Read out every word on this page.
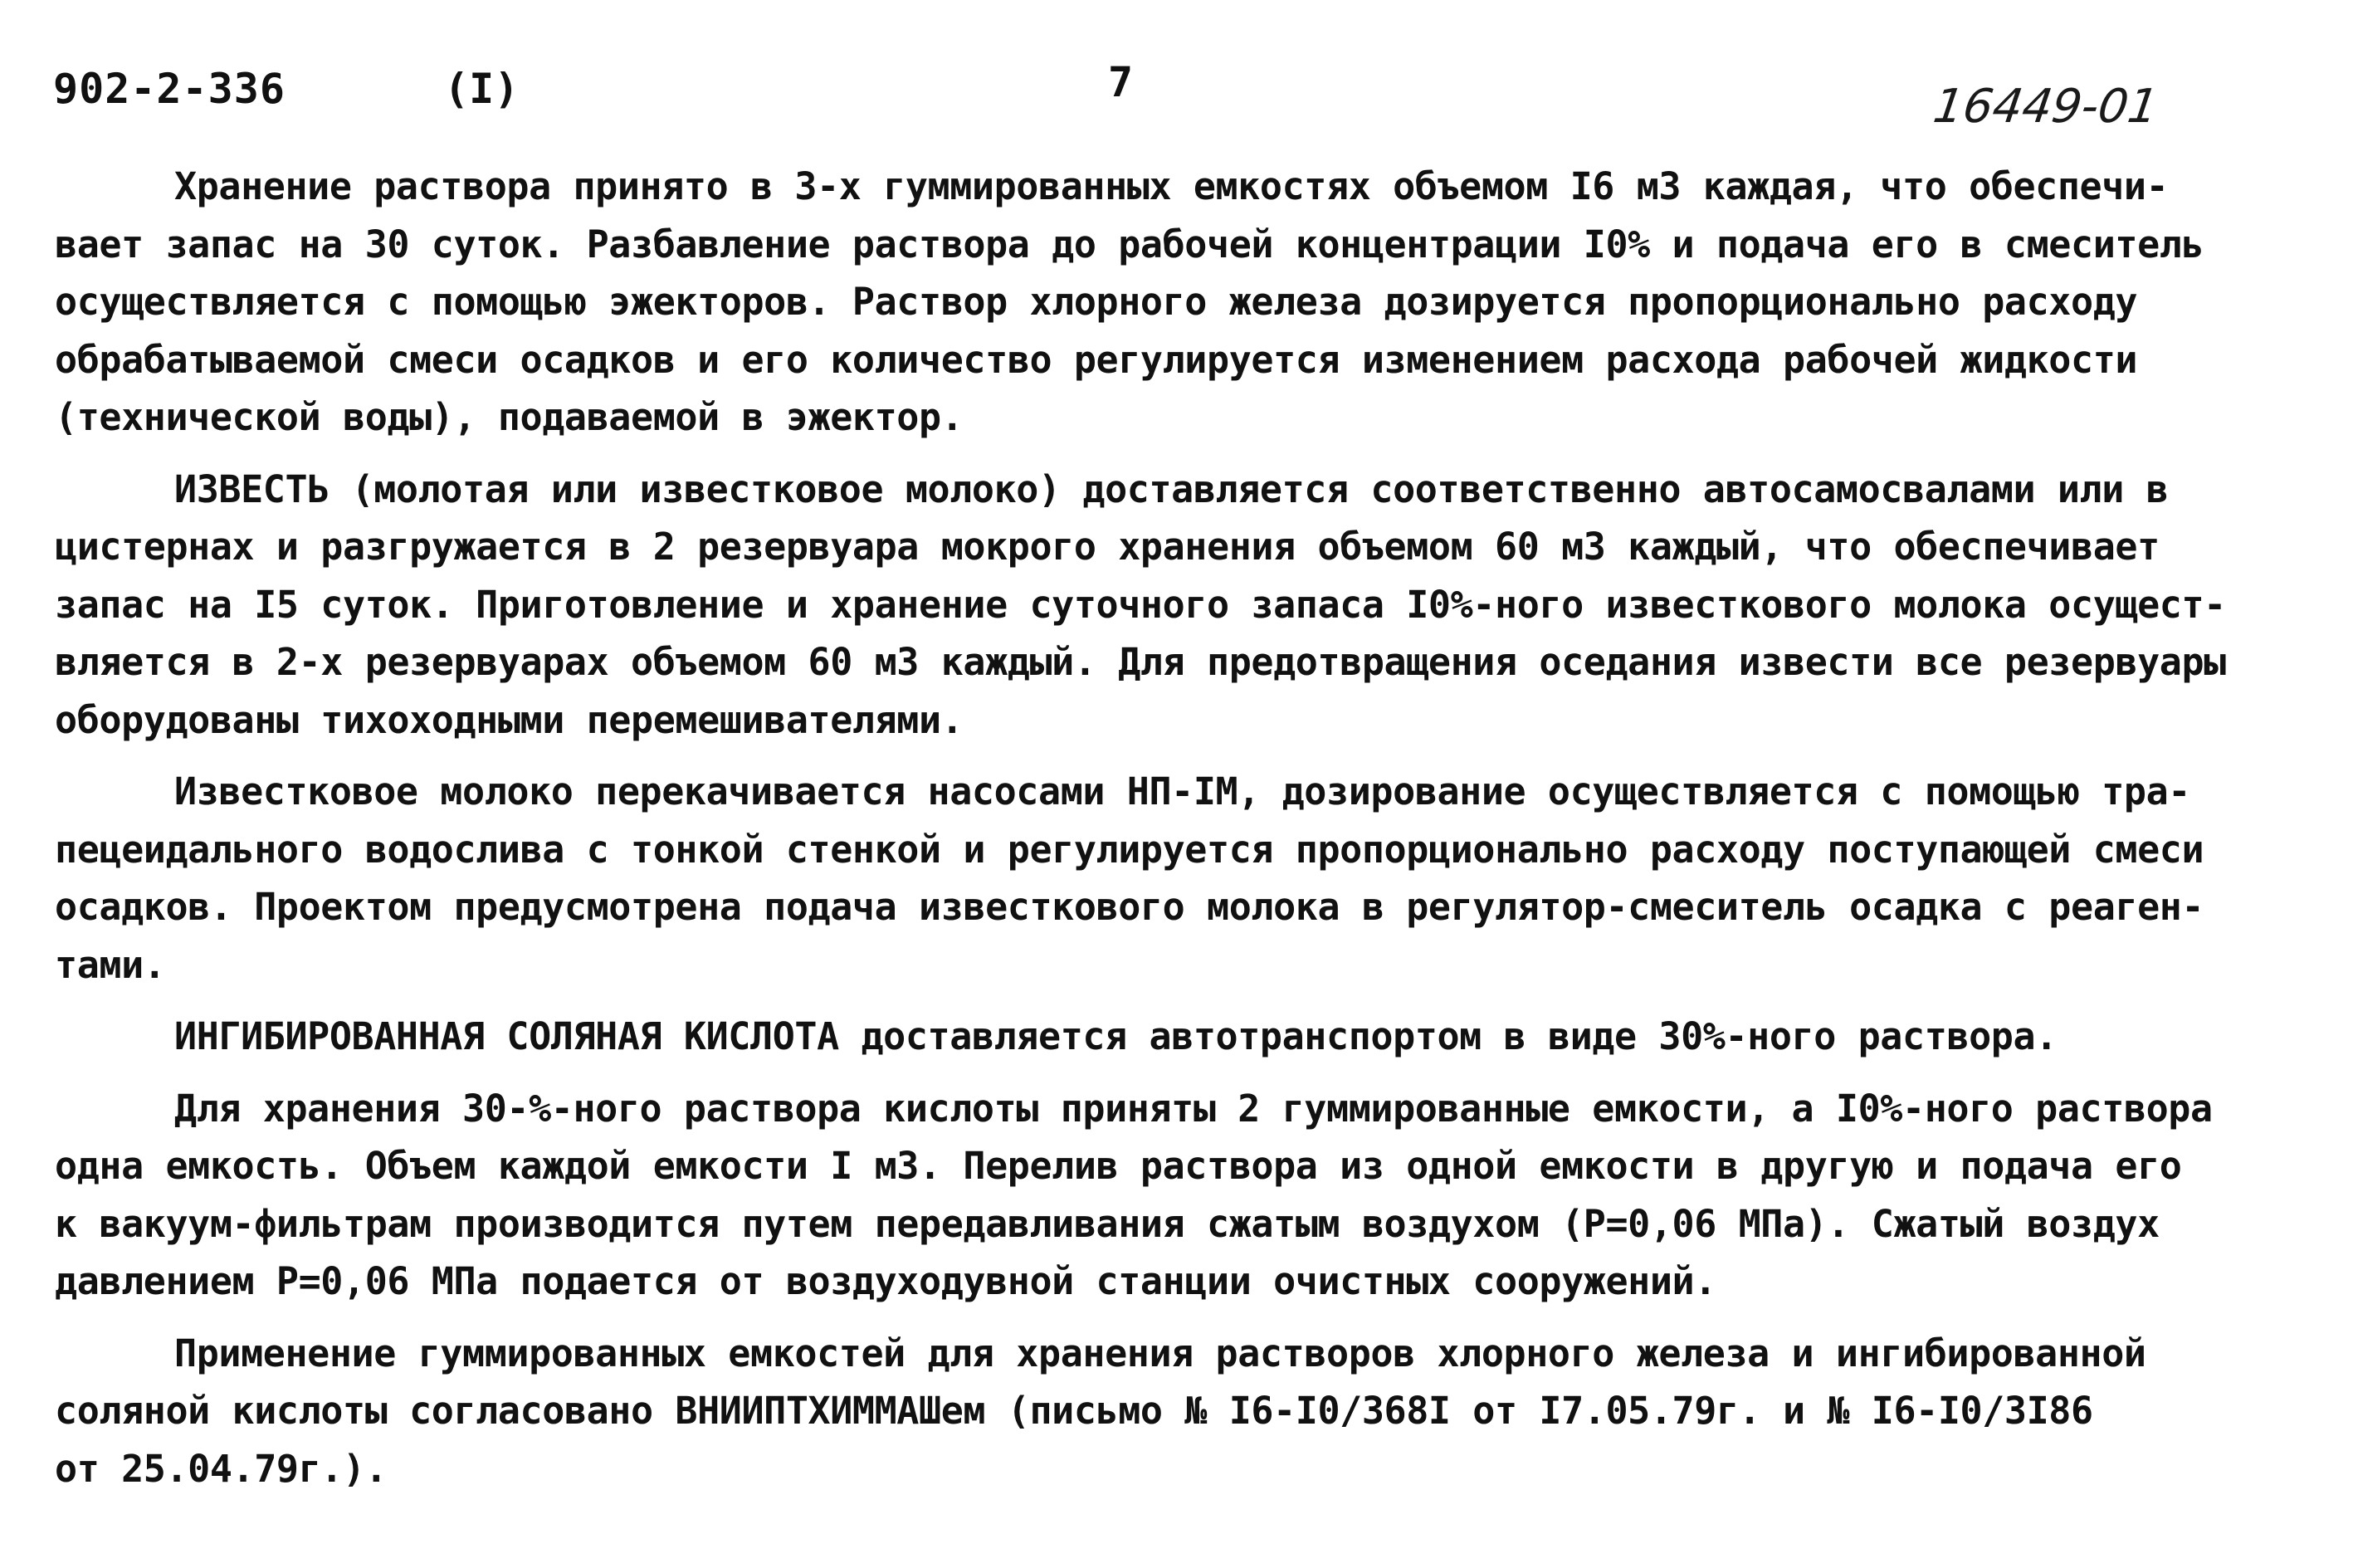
902-2-336	(I)	7	16449-01
Хранение раствора принято в 3-х гуммированных емкостях объемом I6 м3 каждая, что обеспечи-
вает запас на 30 суток. Разбавление раствора до рабочей концентрации I0% и подача его в смеситель
осуществляется с помощью эжекторов. Раствор хлорного железа дозируется пропорционально расходу
обрабатываемой смеси осадков и его количество регулируется изменением расхода рабочей жидкости
(технической воды), подаваемой в эжектор.
ИЗВЕСТЬ (молотая или известковое молоко) доставляется соответственно автосамосвалами или в
цистернах и разгружается в 2 резервуара мокрого хранения объемом 60 м3 каждый, что обеспечивает
запас на I5 суток. Приготовление и хранение суточного запаса I0%-ного известкового молока осущест-
вляется в 2-х резервуарах объемом 60 м3 каждый. Для предотвращения оседания извести все резервуары
оборудованы тихоходными перемешивателями.
Известковое молоко перекачивается насосами НП-IМ, дозирование осуществляется с помощью тра-
пецеидального водослива с тонкой стенкой и регулируется пропорционально расходу поступающей смеси
осадков. Проектом предусмотрена подача известкового молока в регулятор-смеситель осадка с реаген-
тами.
ИНГИБИРОВАННАЯ СОЛЯНАЯ КИСЛОТА доставляется автотранспортом в виде 30%-ного раствора.
Для хранения 30-%-ного раствора кислоты приняты 2 гуммированные емкости, а I0%-ного раствора
одна емкость. Объем каждой емкости I м3. Перелив раствора из одной емкости в другую и подача его
к вакуум-фильтрам производится путем передавливания сжатым воздухом (Р=0,06 МПа). Сжатый воздух
давлением Р=0,06 МПа подается от воздуходувной станции очистных сооружений.
Применение гуммированных емкостей для хранения растворов хлорного железа и ингибированной
соляной кислоты согласовано ВНИИПТХИММАШем (письмо № I6-I0/368I от I7.05.79г. и № I6-I0/3I86
от 25.04.79г.).
